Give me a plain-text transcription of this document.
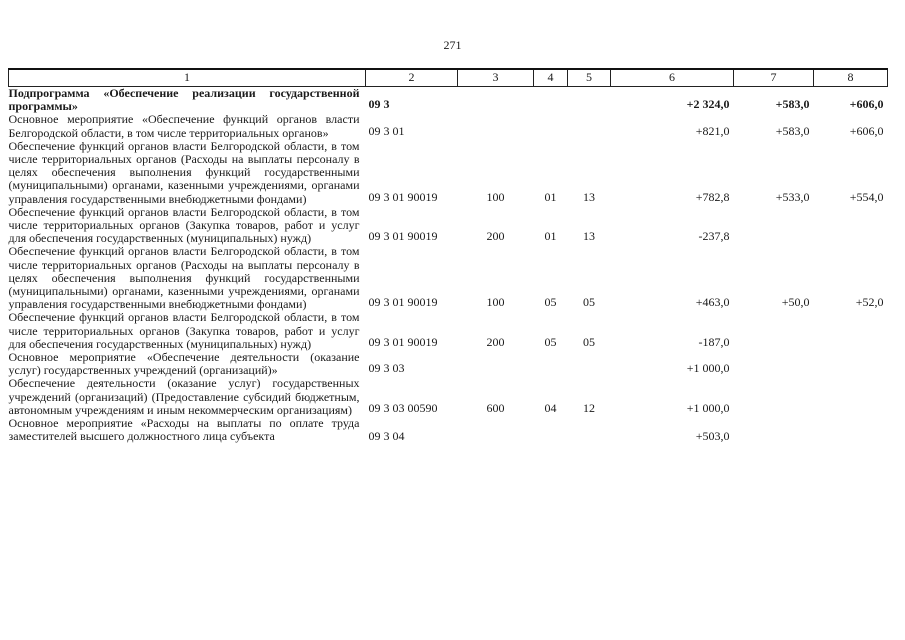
271
1	2	3	4	5	6	7	8
Подпрограмма «Обеспечение реализации государственной программы»	09 3				+2 324,0	+583,0	+606,0
Основное мероприятие «Обеспечение функций органов власти Белгородской области, в том числе территориальных органов»	09 3 01				+821,0	+583,0	+606,0
Обеспечение функций органов власти Белгородской области, в том числе территориальных органов (Расходы на выплаты персоналу в целях обеспечения выполнения функций государственными (муниципальными) органами, казенными учреждениями, органами управления государственными внебюджетными фондами)	09 3 01 90019	100	01	13	+782,8	+533,0	+554,0
Обеспечение функций органов власти Белгородской области, в том числе территориальных органов (Закупка товаров, работ и услуг для обеспечения государственных (муниципальных) нужд)	09 3 01 90019	200	01	13	-237,8		
Обеспечение функций органов власти Белгородской области, в том числе территориальных органов (Расходы на выплаты персоналу в целях обеспечения выполнения функций государственными (муниципальными) органами, казенными учреждениями, органами управления государственными внебюджетными фондами)	09 3 01 90019	100	05	05	+463,0	+50,0	+52,0
Обеспечение функций органов власти Белгородской области, в том числе территориальных органов (Закупка товаров, работ и услуг для обеспечения государственных (муниципальных) нужд)	09 3 01 90019	200	05	05	-187,0		
Основное мероприятие «Обеспечение деятельности (оказание услуг) государственных учреждений (организаций)»	09 3 03				+1 000,0		
Обеспечение деятельности (оказание услуг) государственных учреждений (организаций) (Предоставление субсидий бюджетным, автономным учреждениям и иным некоммерческим организациям)	09 3 03 00590	600	04	12	+1 000,0		
Основное мероприятие «Расходы на выплаты по оплате труда заместителей высшего должностного лица субъекта	09 3 04				+503,0		
